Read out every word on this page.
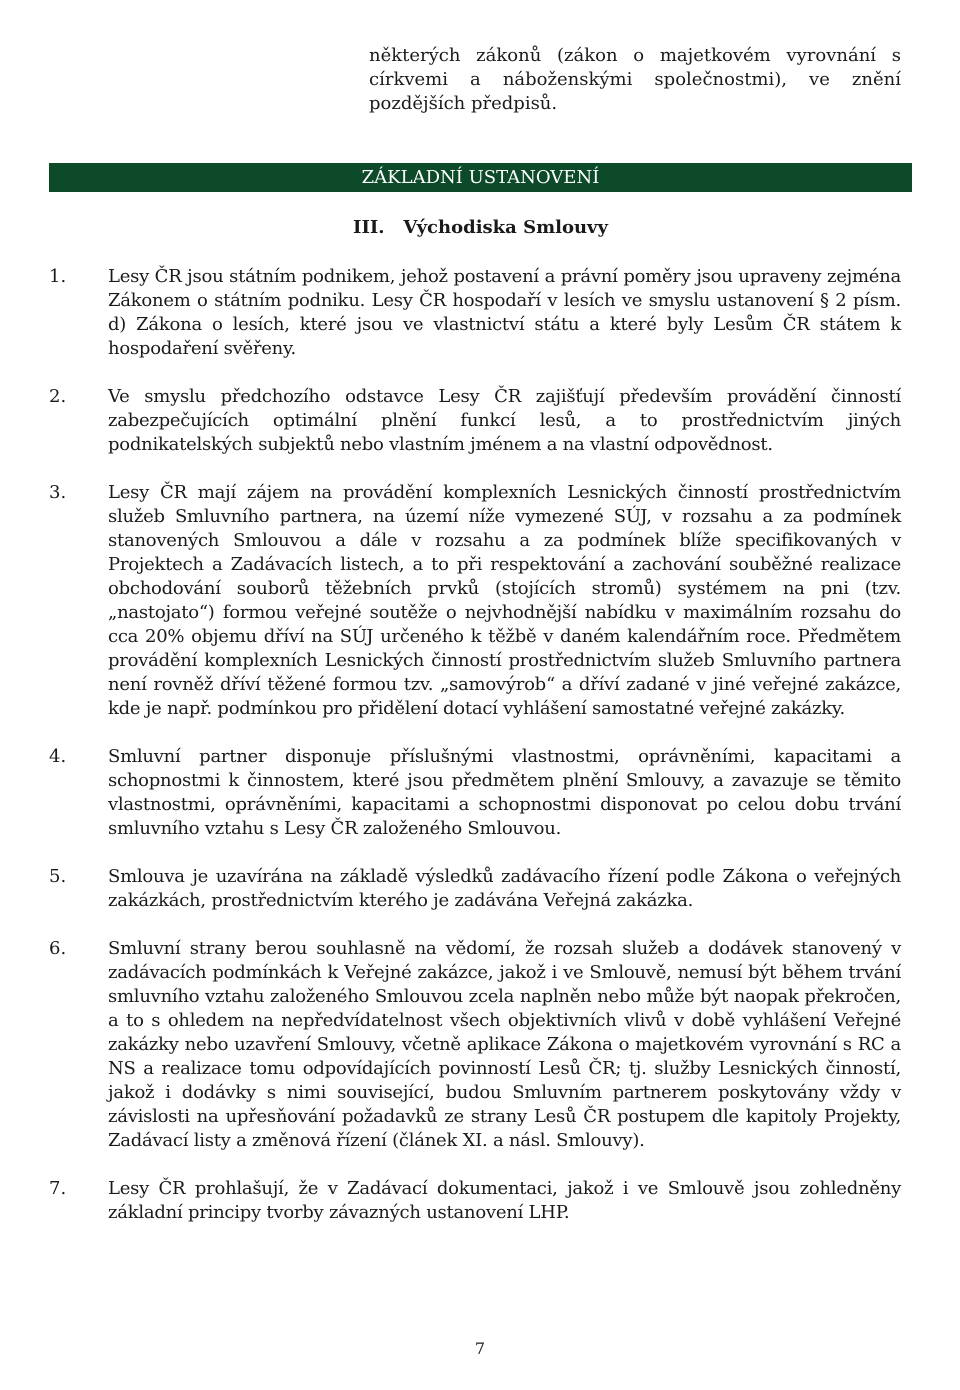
některých zákonů (zákon o majetkovém vyrovnání s církvemi a náboženskými společnostmi), ve znění pozdějších předpisů.
ZÁKLADNÍ USTANOVENÍ
III.   Východiska Smlouvy
1.	Lesy ČR jsou státním podnikem, jehož postavení a právní poměry jsou upraveny zejména Zákonem o státním podniku. Lesy ČR hospodaří v lesích ve smyslu ustanovení § 2 písm. d) Zákona o lesích, které jsou ve vlastnictví státu a které byly Lesům ČR státem k hospodaření svěřeny.
2.	Ve smyslu předchozího odstavce Lesy ČR zajišťují především provádění činností zabezpečujících optimální plnění funkcí lesů, a to prostřednictvím jiných podnikatelských subjektů nebo vlastním jménem a na vlastní odpovědnost.
3.	Lesy ČR mají zájem na provádění komplexních Lesnických činností prostřednictvím služeb Smluvního partnera, na území níže vymezené SÚJ, v rozsahu a za podmínek stanovených Smlouvou a dále v rozsahu a za podmínek blíže specifikovaných v Projektech a Zadávacích listech, a to při respektování a zachování souběžné realizace obchodování souborů těžebních prvků (stojících stromů) systémem na pni (tzv. „nastojato“) formou veřejné soutěže o nejvhodnější nabídku v maximálním rozsahu do cca 20% objemu dříví na SÚJ určeného k těžbě v daném kalendářním roce. Předmětem provádění komplexních Lesnických činností prostřednictvím služeb Smluvního partnera není rovněž dříví těžené formou tzv. „samovýrob“ a dříví zadané v jiné veřejné zakázce, kde je např. podmínkou pro přidělení dotací vyhlášení samostatné veřejné zakázky.
4.	Smluvní partner disponuje příslušnými vlastnostmi, oprávněními, kapacitami a schopnostmi k činnostem, které jsou předmětem plnění Smlouvy, a zavazuje se těmito vlastnostmi, oprávněními, kapacitami a schopnostmi disponovat po celou dobu trvání smluvního vztahu s Lesy ČR založeného Smlouvou.
5.	Smlouva je uzavírána na základě výsledků zadávacího řízení podle Zákona o veřejných zakázkách, prostřednictvím kterého je zadávána Veřejná zakázka.
6.	Smluvní strany berou souhlasně na vědomí, že rozsah služeb a dodávek stanovený v zadávacích podmínkách k Veřejné zakázce, jakož i ve Smlouvě, nemusí být během trvání smluvního vztahu založeného Smlouvou zcela naplněn nebo může být naopak překročen, a to s ohledem na nepředvídatelnost všech objektivních vlivů v době vyhlášení Veřejné zakázky nebo uzavření Smlouvy, včetně aplikace Zákona o majetkovém vyrovnání s RC a NS a realizace tomu odpovídajících povinností Lesů ČR; tj. služby Lesnických činností, jakož i dodávky s nimi související, budou Smluvním partnerem poskytovány vždy v závislosti na upřesňování požadavků ze strany Lesů ČR postupem dle kapitoly Projekty, Zadávací listy a změnová řízení (článek XI. a násl. Smlouvy).
7.	Lesy ČR prohlašují, že v Zadávací dokumentaci, jakož i ve Smlouvě jsou zohledněny základní principy tvorby závazných ustanovení LHP.
7
